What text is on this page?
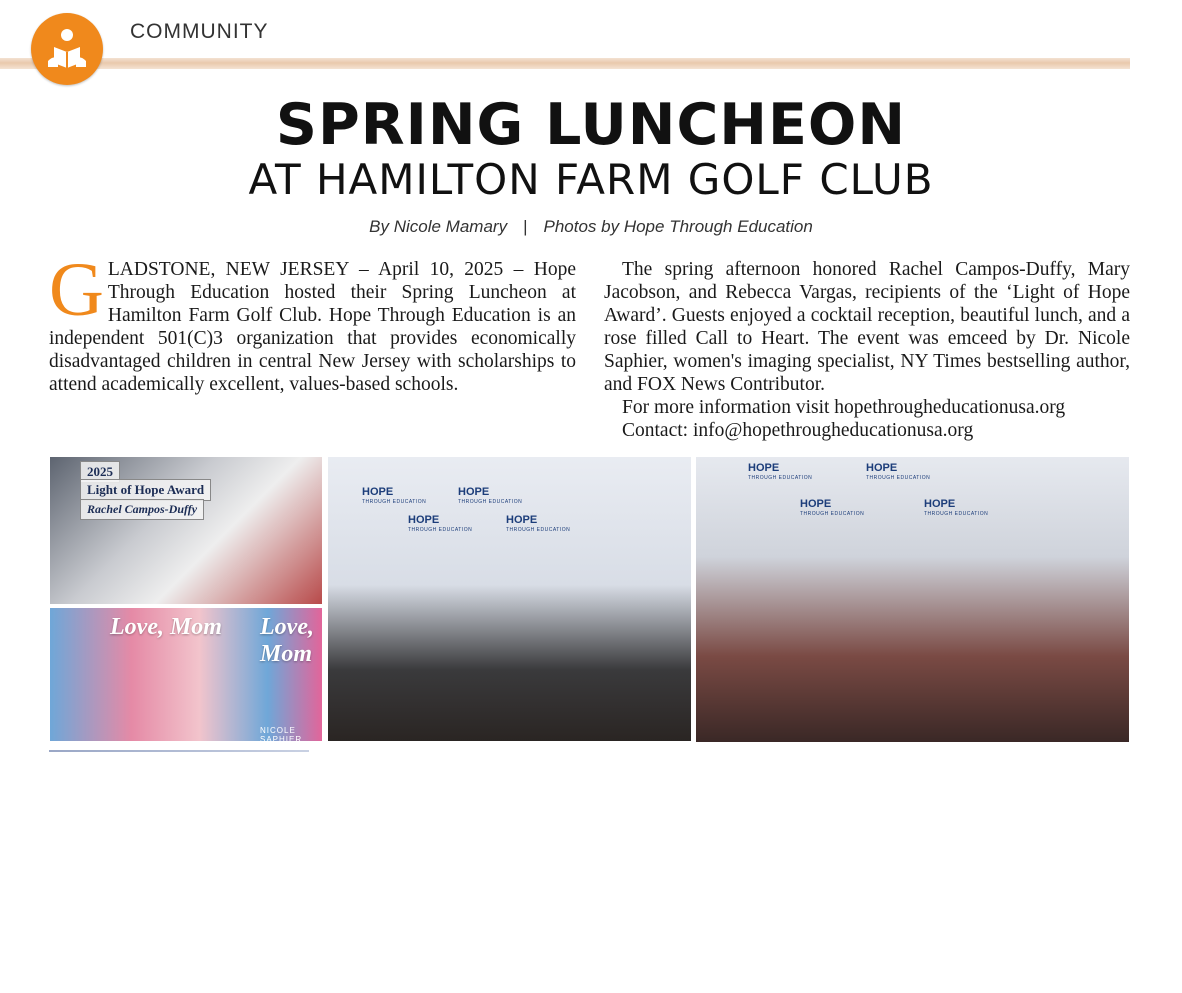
COMMUNITY
SPRING LUNCHEON
AT HAMILTON FARM GOLF CLUB
By Nicole Mamary | Photos by Hope Through Education

GLADSTONE, NEW JERSEY – April 10, 2025 – Hope Through Education hosted their Spring Luncheon at Hamilton Farm Golf Club. Hope Through Education is an independent 501(C)3 organization that provides economically disadvantaged children in central New Jersey with scholarships to attend academically excellent, values-based schools.

The spring afternoon honored Rachel Campos-Duffy, Mary Jacobson, and Rebecca Vargas, recipients of the ‘Light of Hope Award’. Guests enjoyed a cocktail reception, beautiful lunch, and a rose filled Call to Heart. The event was emceed by Dr. Nicole Saphier, women's imaging specialist, NY Times bestselling author, and FOX News Contributor.

For more information visit hopethrougheducationusa.org

Contact: info@hopethrougheducationusa.org

2025
Light of Hope Award
Rachel Campos-Duffy
Love, Mom Love, Mom
NICOLE SAPHIER
HOPE
THROUGH EDUCATION
HOPE
THROUGH EDUCATION
HOPE
THROUGH EDUCATION
HOPE
THROUGH EDUCATION
HOPE
THROUGH EDUCATION
HOPE
THROUGH EDUCATION
HOPE
THROUGH EDUCATION
HOPE
THROUGH EDUCATION
